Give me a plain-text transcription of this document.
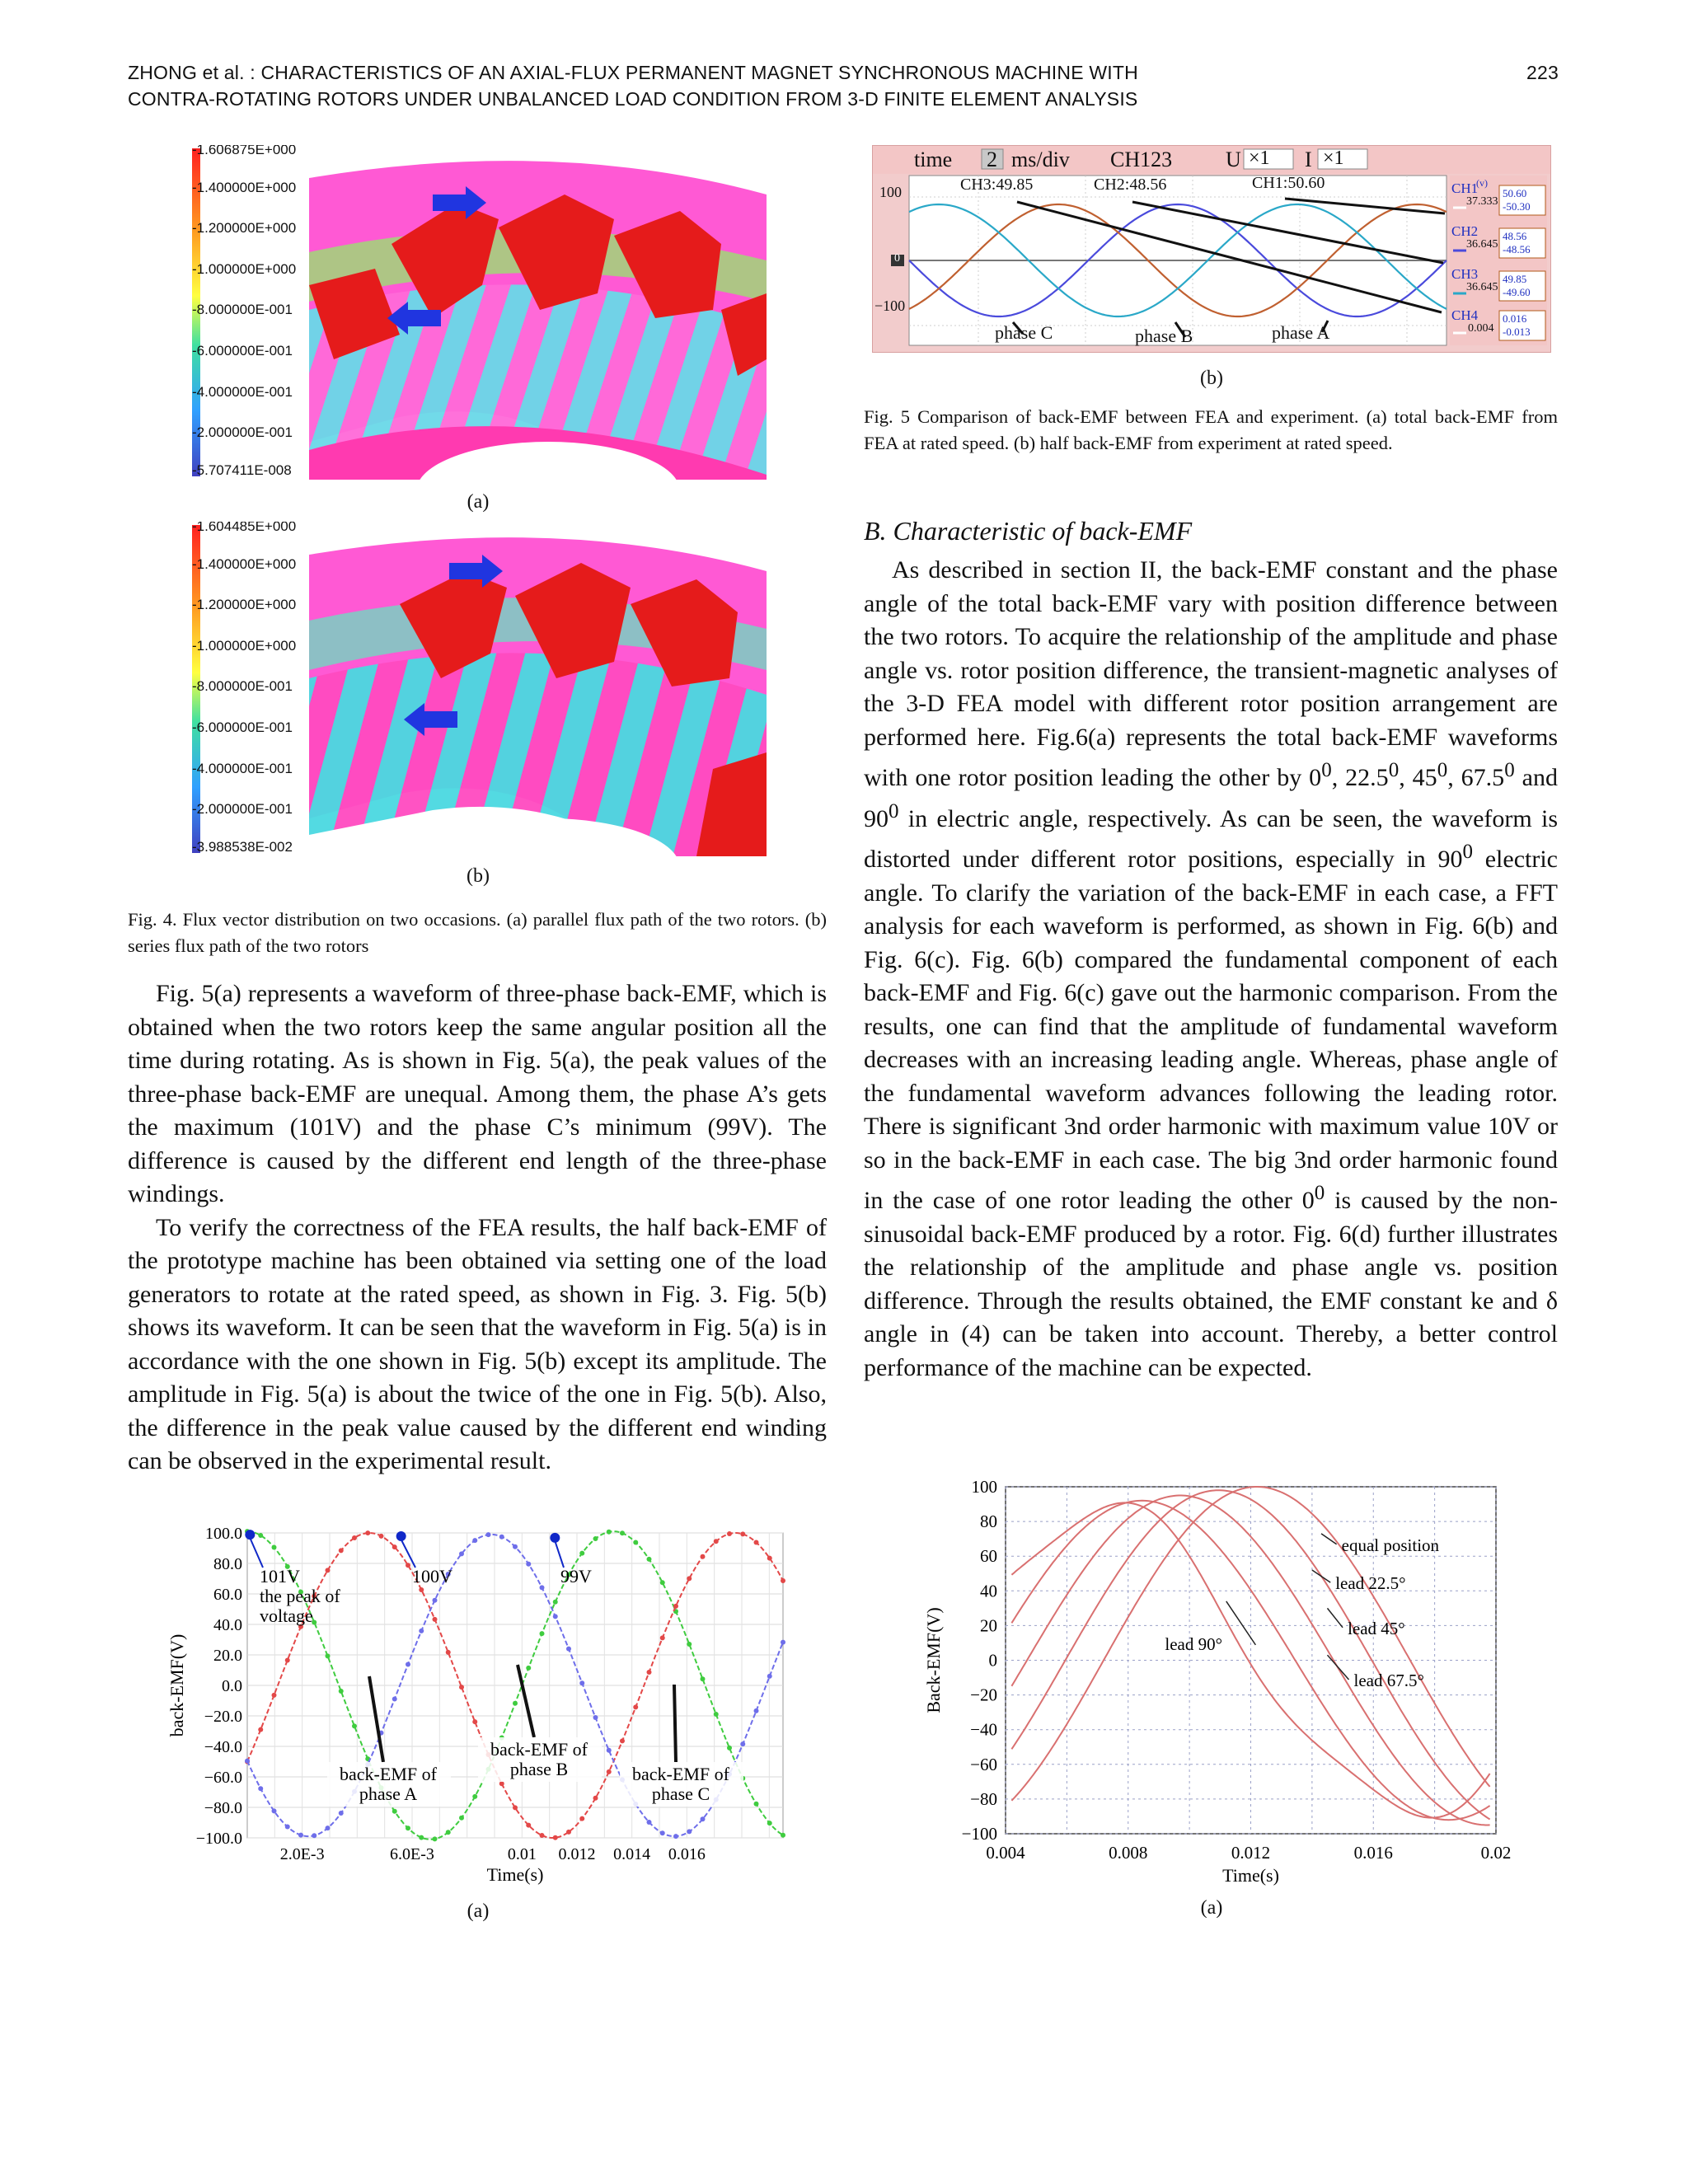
ZHONG et al. : CHARACTERISTICS OF AN AXIAL-FLUX PERMANENT MAGNET SYNCHRONOUS MACHINE WITH
CONTRA-ROTATING ROTORS UNDER UNBALANCED LOAD CONDITION FROM 3-D FINITE ELEMENT ANALYSIS
223
-1.606875E+000
-1.400000E+000
-1.200000E+000
-1.000000E+000
-8.000000E-001
-6.000000E-001
-4.000000E-001
-2.000000E-001
-5.707411E-008
(a)
-1.604485E+000
-1.400000E+000
-1.200000E+000
-1.000000E+000
-8.000000E-001
-6.000000E-001
-4.000000E-001
-2.000000E-001
-3.988538E-002
(b)
Fig. 4. Flux vector distribution on two occasions. (a) parallel flux path of the two rotors. (b) series flux path of the two rotors

Fig. 5(a) represents a waveform of three-phase back-EMF, which is obtained when the two rotors keep the same angular position all the time during rotating. As is shown in Fig. 5(a), the peak values of the three-phase back-EMF are unequal. Among them, the phase A’s gets the maximum (101V) and the phase C’s minimum (99V). The difference is caused by the different end length of the three-phase windings.

To verify the correctness of the FEA results, the half back-EMF of the prototype machine has been obtained via setting one of the load generators to rotate at the rated speed, as shown in Fig. 3. Fig. 5(b) shows its waveform. It can be seen that the waveform in Fig. 5(a) is in accordance with the one shown in Fig. 5(b) except its amplitude. The amplitude in Fig. 5(a) is about the twice of the one in Fig. 5(b). Also, the difference in the peak value caused by the different end winding can be observed in the experimental result.

time 2 ms/div CH123 U ×1 I ×1
100
0
−100
CH3:49.85	CH2:48.56	CH1:50.60
phase C	phase B	phase A
(v)
CH1
37.333
50.60
-50.30
CH2
36.645
48.56
-48.56
CH3
36.645
49.85
-49.60
CH4
0.004
0.016
-0.013
(b)
Fig. 5 Comparison of back-EMF between FEA and experiment. (a) total back-EMF from FEA at rated speed. (b) half back-EMF from experiment at rated speed.
B. Characteristic of back-EMF

As described in section II, the back-EMF constant and the phase angle of the total back-EMF vary with position difference between the two rotors. To acquire the relationship of the amplitude and phase angle vs. rotor position difference, the transient-magnetic analyses of the 3-D FEA model with different rotor position arrangement are performed here. Fig.6(a) represents the total back-EMF waveforms with one rotor position leading the other by $0^0$, 22.5$^0$, $45^0$, 67.5$^0$ and $90^0$ in electric angle, respectively. As can be seen, the waveform is distorted under different rotor positions, especially in $90^0$ electric angle. To clarify the variation of the back-EMF in each case, a FFT analysis for each waveform is performed, as shown in Fig. 6(b) and Fig. 6(c). Fig. 6(b) compared the fundamental component of each back-EMF and Fig. 6(c) gave out the harmonic comparison. From the results, one can find that the amplitude of fundamental waveform decreases with an increasing leading angle. Whereas, phase angle of the fundamental waveform advances following the leading rotor. There is significant 3nd order harmonic with maximum value 10V or so in the back-EMF in each case. The big 3nd order harmonic found in the case of one rotor leading the other $0^0$ is caused by the non-sinusoidal back-EMF produced by a rotor. Fig. 6(d) further illustrates the relationship of the amplitude and phase angle vs. position difference. Through the results obtained, the EMF constant ke and δ angle in (4) can be taken into account. Thereby, a better control performance of the machine can be expected.

100.0
80.0
60.0
40.0
20.0
0.0
−20.0
−40.0
−60.0
−80.0
−100.0
2.0E-3	6.0E-3	0.01 0.012 0.014 0.016
Time(s)
back-EMF(V)
101V
the peak of
voltage
100V	99V
back-EMF of
phase A
back-EMF of
phase B	back-EMF of
phase C
(a)
100
80
60
40
20
0
−20
−40
−60
−80
−100
0.004	0.008	0.012	0.016	0.02
Time(s)
Back-EMF(V)
equal position
lead 22.5°
lead 45°
lead 67.5°
lead 90°
(a)
